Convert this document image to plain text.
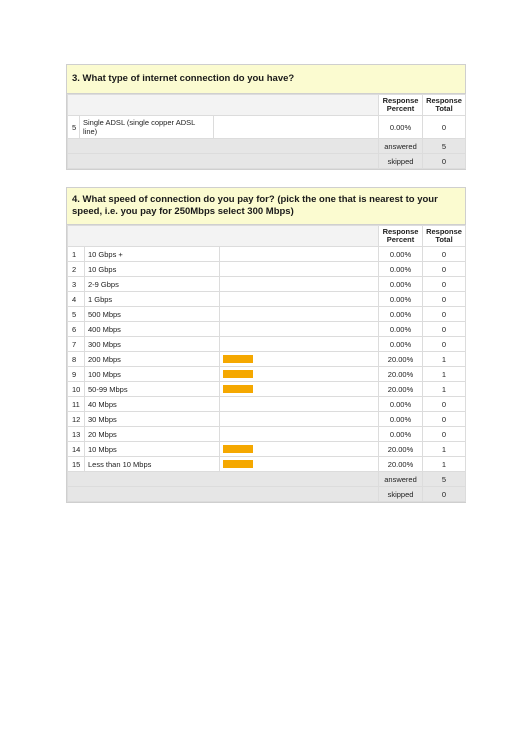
3. What type of internet connection do you have?
			Response Percent	Response Total
5	Single ADSL (single copper ADSL line)		0.00%	0
			answered	5
			skipped	0
4. What speed of connection do you pay for? (pick the one that is nearest to your speed, i.e. you pay for 250Mbps select 300 Mbps)
			Response Percent	Response Total
1	10 Gbps +		0.00%	0
2	10 Gbps		0.00%	0
3	2-9 Gbps		0.00%	0
4	1 Gbps		0.00%	0
5	500 Mbps		0.00%	0
6	400 Mbps		0.00%	0
7	300 Mbps		0.00%	0
8	200 Mbps		20.00%	1
9	100 Mbps		20.00%	1
10	50-99 Mbps		20.00%	1
11	40 Mbps		0.00%	0
12	30 Mbps		0.00%	0
13	20 Mbps		0.00%	0
14	10 Mbps		20.00%	1
15	Less than 10 Mbps		20.00%	1
			answered	5
			skipped	0
